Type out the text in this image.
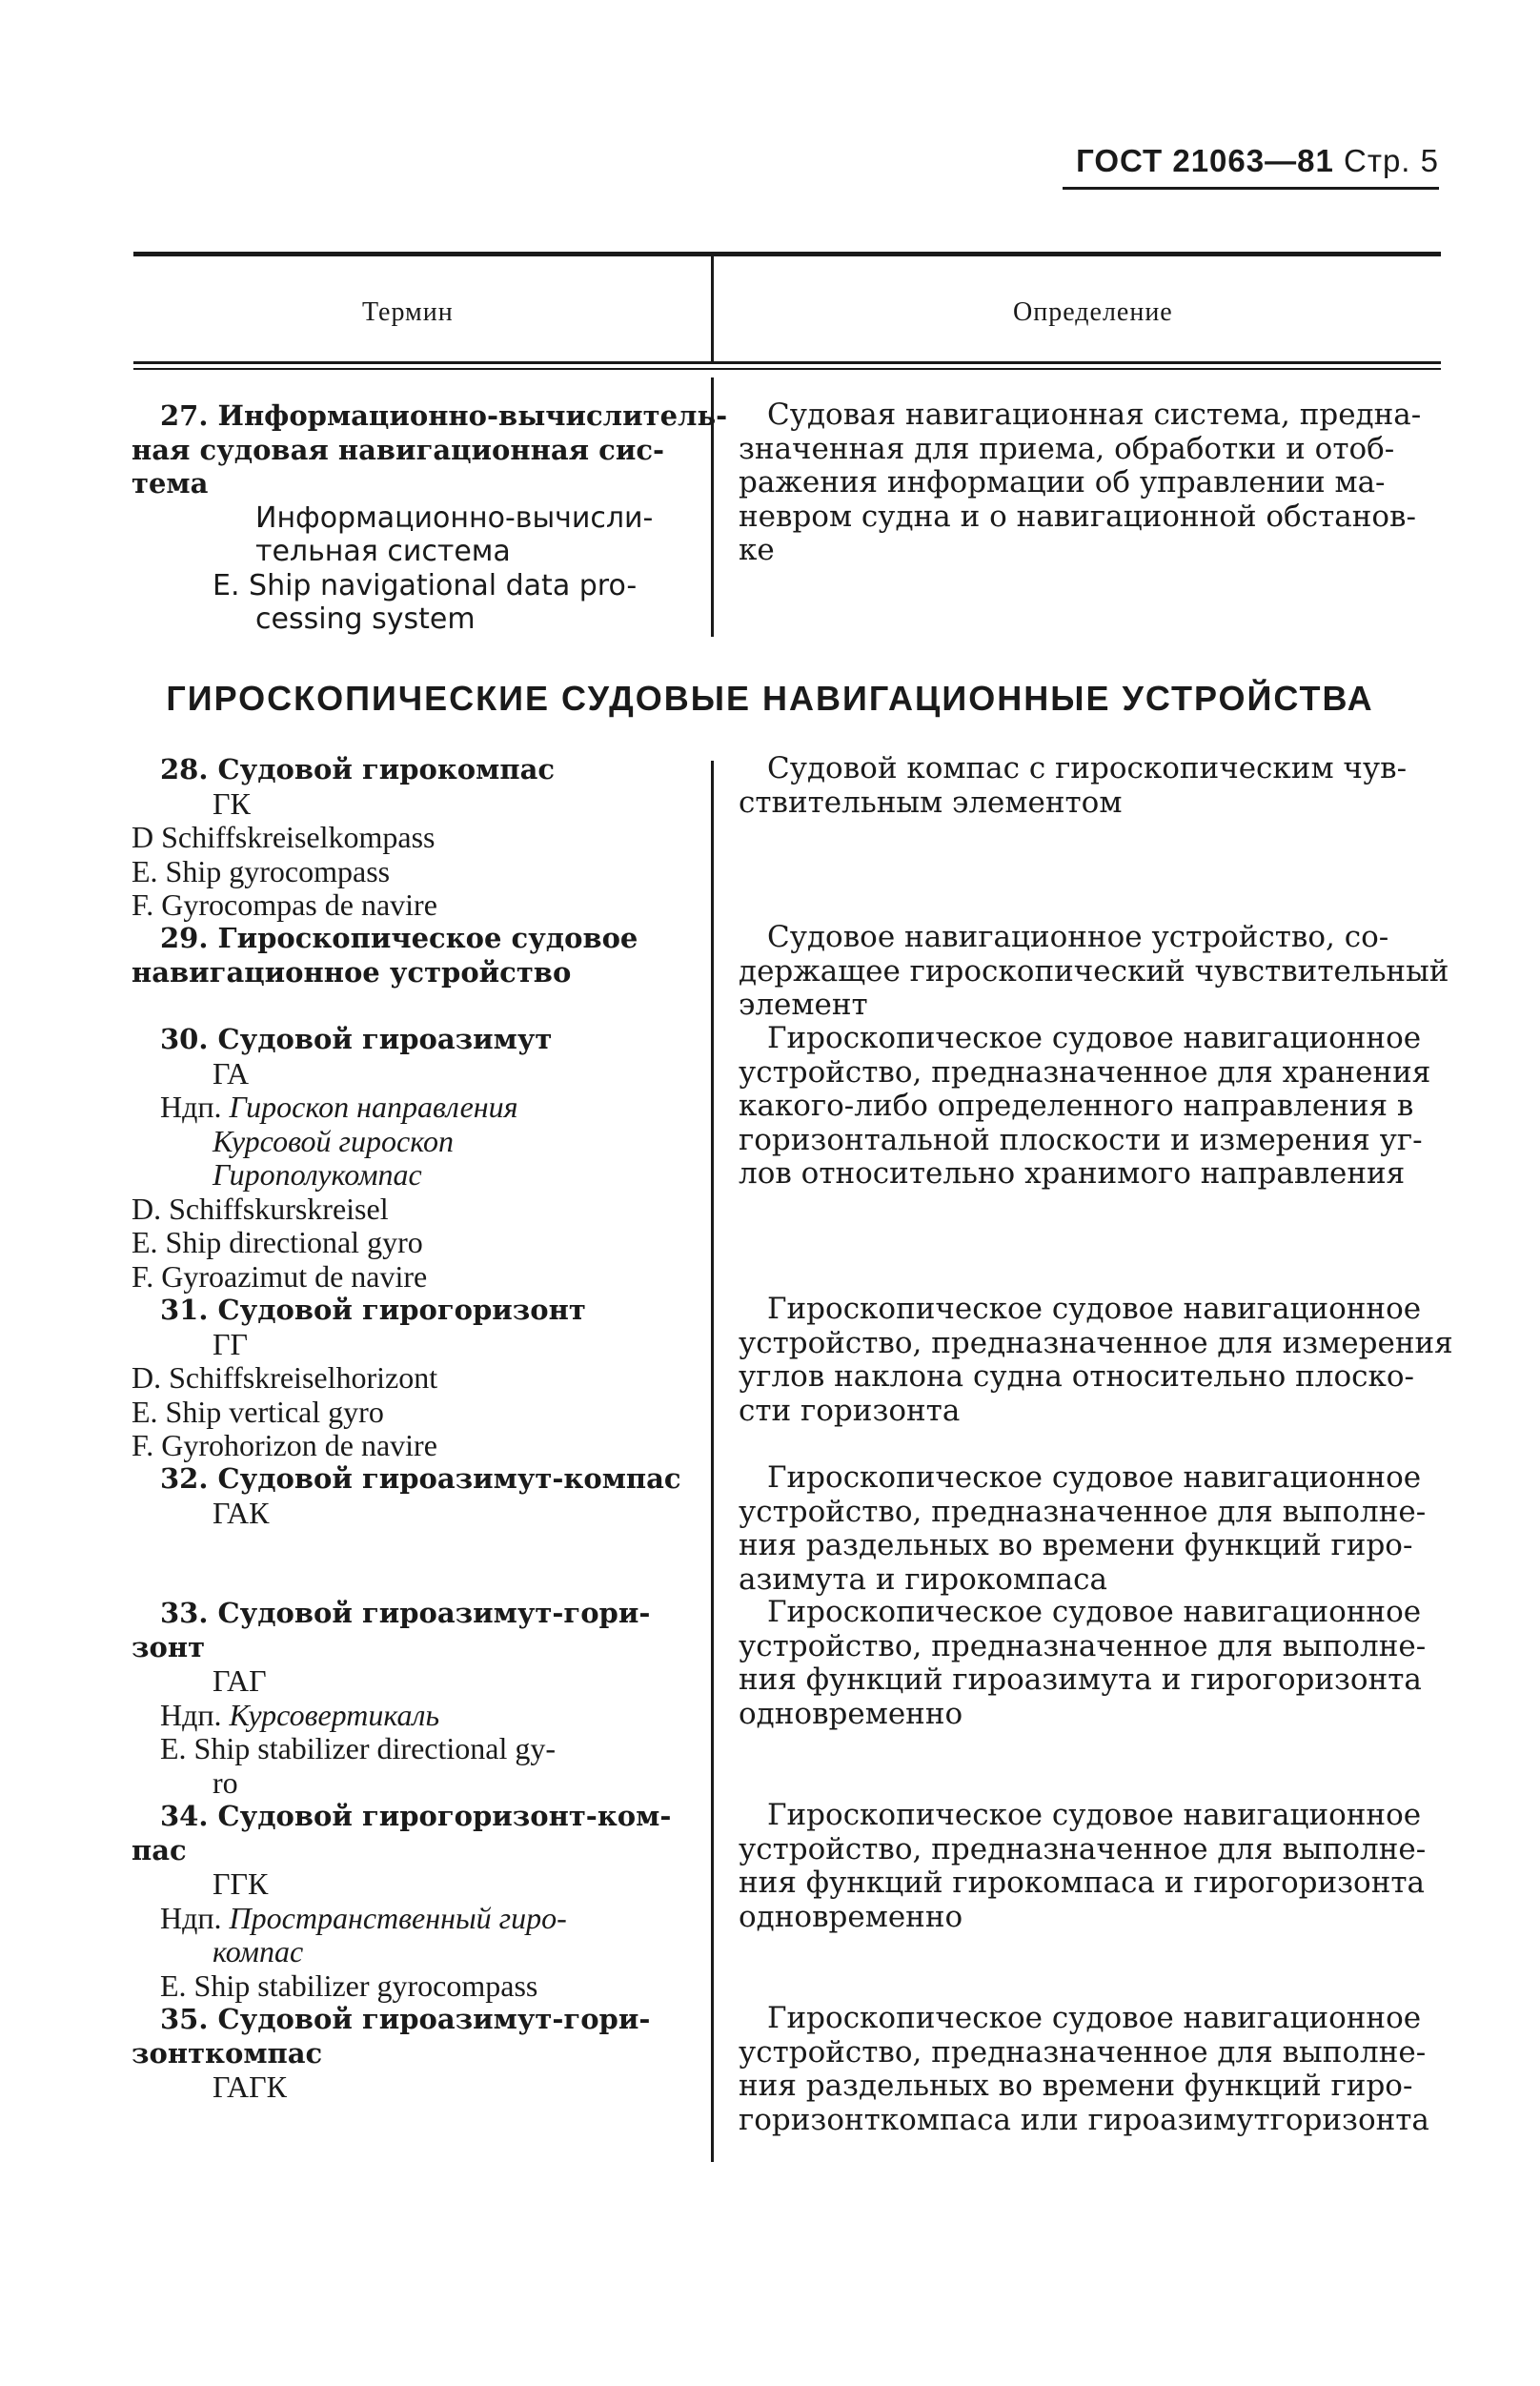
ГОСТ 21063—81 Стр. 5
Термин	Определение
27. Информационно-вычислитель-
ная судовая навигационная сис-
тема
Информационно-вычисли-
тельная система
E. Ship navigational data pro-
cessing system
Судовая навигационная система, предна-
значенная для приема, обработки и отоб-
ражения информации об управлении ма-
невром судна и о навигационной обстанов-
ке
ГИРОСКОПИЧЕСКИЕ СУДОВЫЕ НАВИГАЦИОННЫЕ УСТРОЙСТВА
28. Судовой гирокомпас
ГК
D Schiffskreiselkompass
E. Ship gyrocompass
F. Gyrocompas de navire
Судовой компас с гироскопическим чув-
ствительным элементом
29. Гироскопическое судовое
навигационное устройство
Судовое навигационное устройство, со-
держащее гироскопический чувствительный
элемент
30. Судовой гироазимут
ГА
Ндп. Гироскоп направления
Курсовой гироскоп
Гирополукомпас
D. Schiffskurskreisel
E. Ship directional gyro
F. Gyroazimut de navire
Гироскопическое судовое навигационное
устройство, предназначенное для хранения
какого-либо определенного направления в
горизонтальной плоскости и измерения уг-
лов относительно хранимого направления
31. Судовой гирогоризонт
ГГ
D. Schiffskreiselhorizont
E. Ship vertical gyro
F. Gyrohorizon de navire
Гироскопическое судовое навигационное
устройство, предназначенное для измерения
углов наклона судна относительно плоско-
сти горизонта
32. Судовой гироазимут-компас
ГАК
Гироскопическое судовое навигационное
устройство, предназначенное для выполне-
ния раздельных во времени функций гиро-
азимута и гирокомпаса
33. Судовой гироазимут-гори-
зонт
ГАГ
Ндп. Курсовертикаль
E. Ship stabilizer directional gy-
ro
Гироскопическое судовое навигационное
устройство, предназначенное для выполне-
ния функций гироазимута и гирогоризонта
одновременно
34. Судовой гирогоризонт-ком-
пас
ГГК
Ндп. Пространственный гиро-
компас
E. Ship stabilizer gyrocompass
Гироскопическое судовое навигационное
устройство, предназначенное для выполне-
ния функций гирокомпаса и гирогоризонта
одновременно
35. Судовой гироазимут-гори-
зонткомпас
ГАГК
Гироскопическое судовое навигационное
устройство, предназначенное для выполне-
ния раздельных во времени функций гиро-
горизонткомпаса или гироазимутгоризонта
